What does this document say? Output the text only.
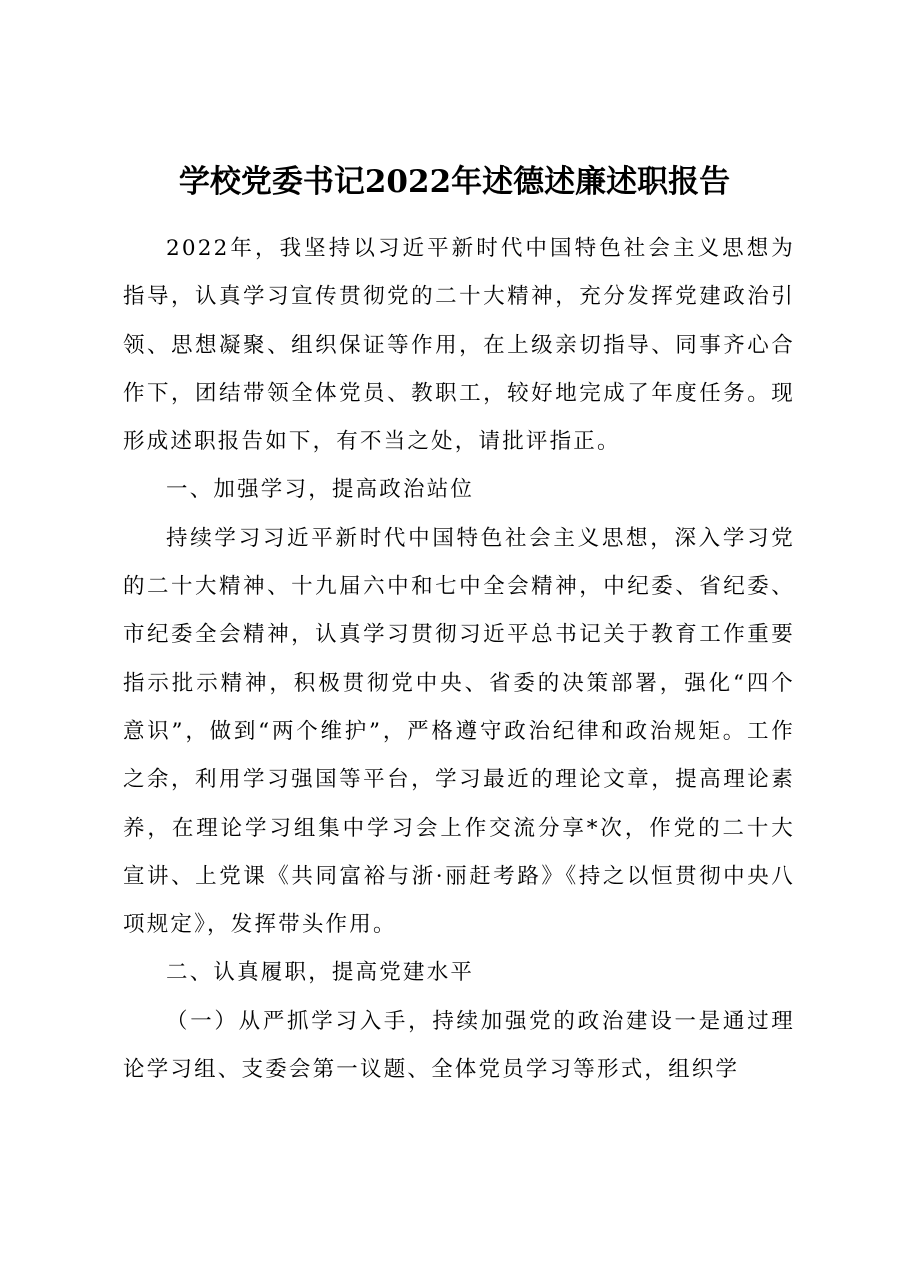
学校党委书记2022年述德述廉述职报告

2022年，我坚持以习近平新时代中国特色社会主义思想为指导，认真学习宣传贯彻党的二十大精神，充分发挥党建政治引领、思想凝聚、组织保证等作用，在上级亲切指导、同事齐心合作下，团结带领全体党员、教职工，较好地完成了年度任务。现形成述职报告如下，有不当之处，请批评指正。

一、加强学习，提高政治站位

持续学习习近平新时代中国特色社会主义思想，深入学习党的二十大精神、十九届六中和七中全会精神，中纪委、省纪委、市纪委全会精神，认真学习贯彻习近平总书记关于教育工作重要指示批示精神，积极贯彻党中央、省委的决策部署，强化“四个意识”，做到“两个维护”，严格遵守政治纪律和政治规矩。工作之余，利用学习强国等平台，学习最近的理论文章，提高理论素养，在理论学习组集中学习会上作交流分享*次，作党的二十大宣讲、上党课《共同富裕与浙·丽赶考路》《持之以恒贯彻中央八项规定》，发挥带头作用。

二、认真履职，提高党建水平

（一）从严抓学习入手，持续加强党的政治建设一是通过理论学习组、支委会第一议题、全体党员学习等形式，组织学
